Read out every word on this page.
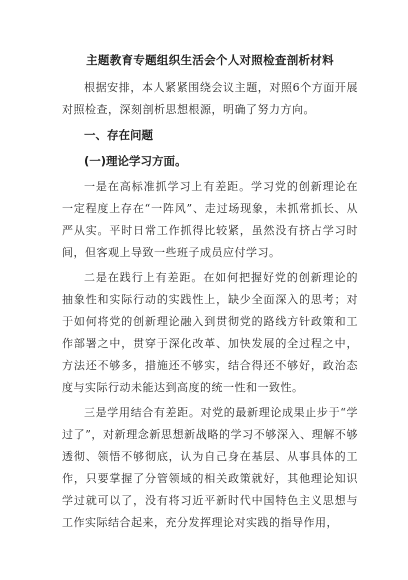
主题教育专题组织生活会个人对照检查剖析材料

根据安排，本人紧紧围绕会议主题，对照6个方面开展对照检查，深刻剖析思想根源，明确了努力方向。

一、存在问题
(一)理论学习方面。

一是在高标准抓学习上有差距。学习党的创新理论在一定程度上存在“一阵风”、走过场现象，未抓常抓长、从严从实。平时日常工作抓得比较紧，虽然没有挤占学习时间，但客观上导致一些班子成员应付学习。

二是在践行上有差距。在如何把握好党的创新理论的抽象性和实际行动的实践性上，缺少全面深入的思考；对于如何将党的创新理论融入到贯彻党的路线方针政策和工作部署之中，贯穿于深化改革、加快发展的全过程之中，方法还不够多，措施还不够实，结合得还不够好，政治态度与实际行动未能达到高度的统一性和一致性。

三是学用结合有差距。对党的最新理论成果止步于“学过了”，对新理念新思想新战略的学习不够深入、理解不够透彻、领悟不够彻底，认为自己身在基层、从事具体的工作，只要掌握了分管领域的相关政策就好，其他理论知识学过就可以了，没有将习近平新时代中国特色主义思想与工作实际结合起来，充分发挥理论对实践的指导作用，
